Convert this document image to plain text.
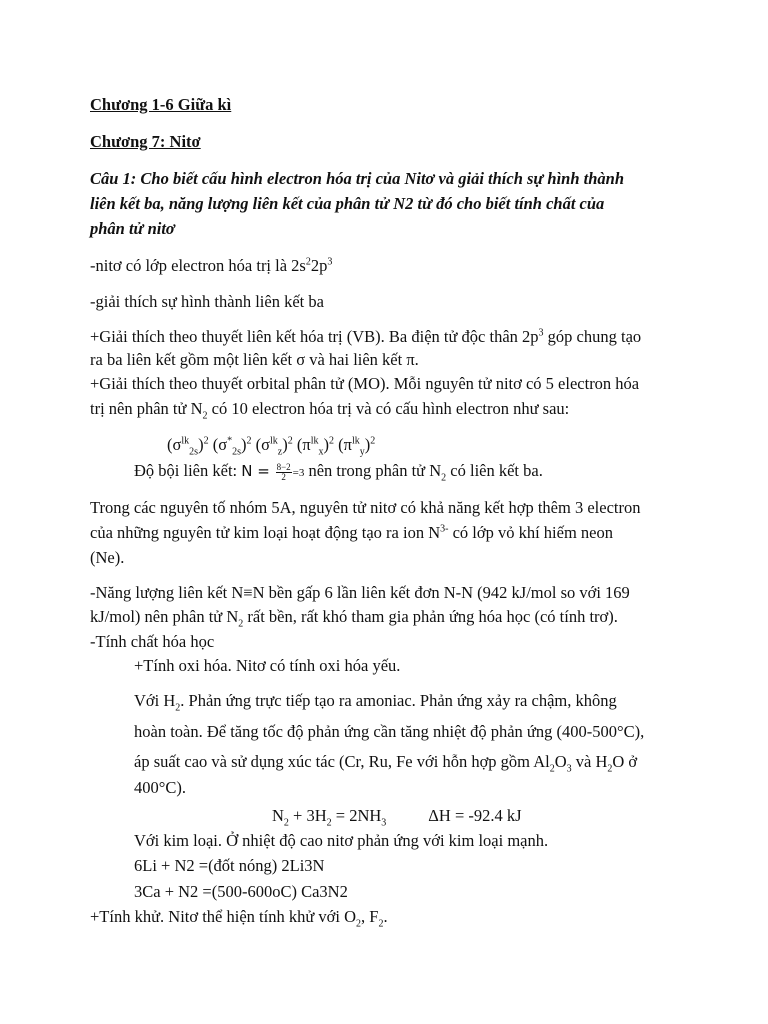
Chương 1-6 Giữa kì
Chương 7: Nitơ
Câu 1: Cho biết cấu hình electron hóa trị của Nitơ và giải thích sự hình thành
liên kết ba, năng lượng liên kết của phân tử N2 từ đó cho biết tính chất của
phân tử nitơ
-nitơ có lớp electron hóa trị là $2s^22p^3$
-giải thích sự hình thành liên kết ba
+Giải thích theo thuyết liên kết hóa trị (VB). Ba điện tử độc thân $2p^3$ góp chung tạo
ra ba liên kết gồm một liên kết σ và hai liên kết π.
+Giải thích theo thuyết orbital phân tử (MO). Mỗi nguyên tử nitơ có 5 electron hóa
trị nên phân tử $N_2$ có 10 electron hóa trị và có cấu hình electron như sau:
$(\sigma^{lk}_{2s})^2$ $(\sigma^*_{2s})^2$ $(\sigma^{lk}_z)^2$ $(\pi^{lk}_x)^2$ $(\pi^{lk}_y)^2$
Độ bội liên kết: $N = \frac{8-2}{2} =3$ nên trong phân tử $N_2$ có liên kết ba.
Trong các nguyên tố nhóm 5A, nguyên tử nitơ có khả năng kết hợp thêm 3 electron
của những nguyên tử kim loại hoạt động tạo ra ion $N^{3-}$ có lớp vỏ khí hiếm neon
(Ne).
-Năng lượng liên kết N≡N bền gấp 6 lần liên kết đơn N-N (942 kJ/mol so với 169
kJ/mol) nên phân tử $N_2$ rất bền, rất khó tham gia phản ứng hóa học (có tính trơ).
-Tính chất hóa học
+Tính oxi hóa. Nitơ có tính oxi hóa yếu.
Với $H_2$. Phản ứng trực tiếp tạo ra amoniac. Phản ứng xảy ra chậm, không
hoàn toàn. Để tăng tốc độ phản ứng cần tăng nhiệt độ phản ứng (400-500°C),
áp suất cao và sử dụng xúc tác (Cr, Ru, Fe với hỗn hợp gồm $Al_2O_3$ và $H_2O$ ở
400°C).
$N_2 + 3H_2 = 2NH_3$	ΔH = -92.4 kJ
Với kim loại. Ở nhiệt độ cao nitơ phản ứng với kim loại mạnh.
6Li + N2 =(đốt nóng) 2Li3N
3Ca + N2 =(500-600oC) Ca3N2
+Tính khử. Nitơ thể hiện tính khử với $O_2$, $F_2$.
